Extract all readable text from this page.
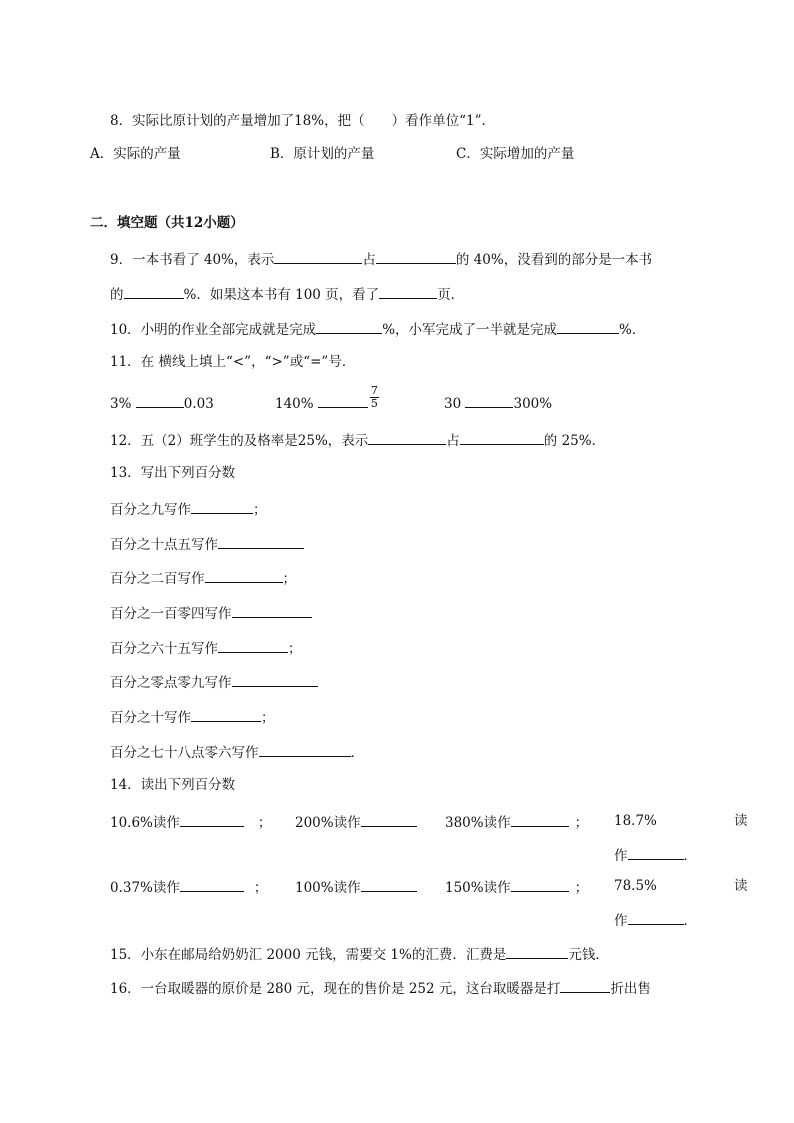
8．实际比原计划的产量增加了18%，把（　　）看作单位“1”．
A．实际的产量	B．原计划的产量	C．实际增加的产量
二．填空题（共12小题）
9．一本书看了 40%，表示	占	的 40%，没看到的部分是一本书
的	%．如果这本书有 100 页，看了	页．
10．小明的作业全部完成就是完成	%，小军完成了一半就是完成	%．
11．在 横线上填上“<”，“>”或“=”号．
3%	0.03	140%	$\frac{7}{5}$	30	300%
12．五（2）班学生的及格率是25%，表示	占	的 25%．
13．写出下列百分数
百分之九写作	；
百分之十点五写作
百分之二百写作	；
百分之一百零四写作
百分之六十五写作	；
百分之零点零九写作
百分之十写作	；
百分之七十八点零六写作	．
14．读出下列百分数
10.6%读作	； 200%读作	380%读作	； 18.7%	读
作	．
0.37%读作	； 100%读作	150%读作	； 78.5%	读
作	．
15．小东在邮局给奶奶汇 2000 元钱，需要交 1%的汇费．汇费是	元钱．
16．一台取暖器的原价是 280 元，现在的售价是 252 元，这台取暖器是打	折出售
